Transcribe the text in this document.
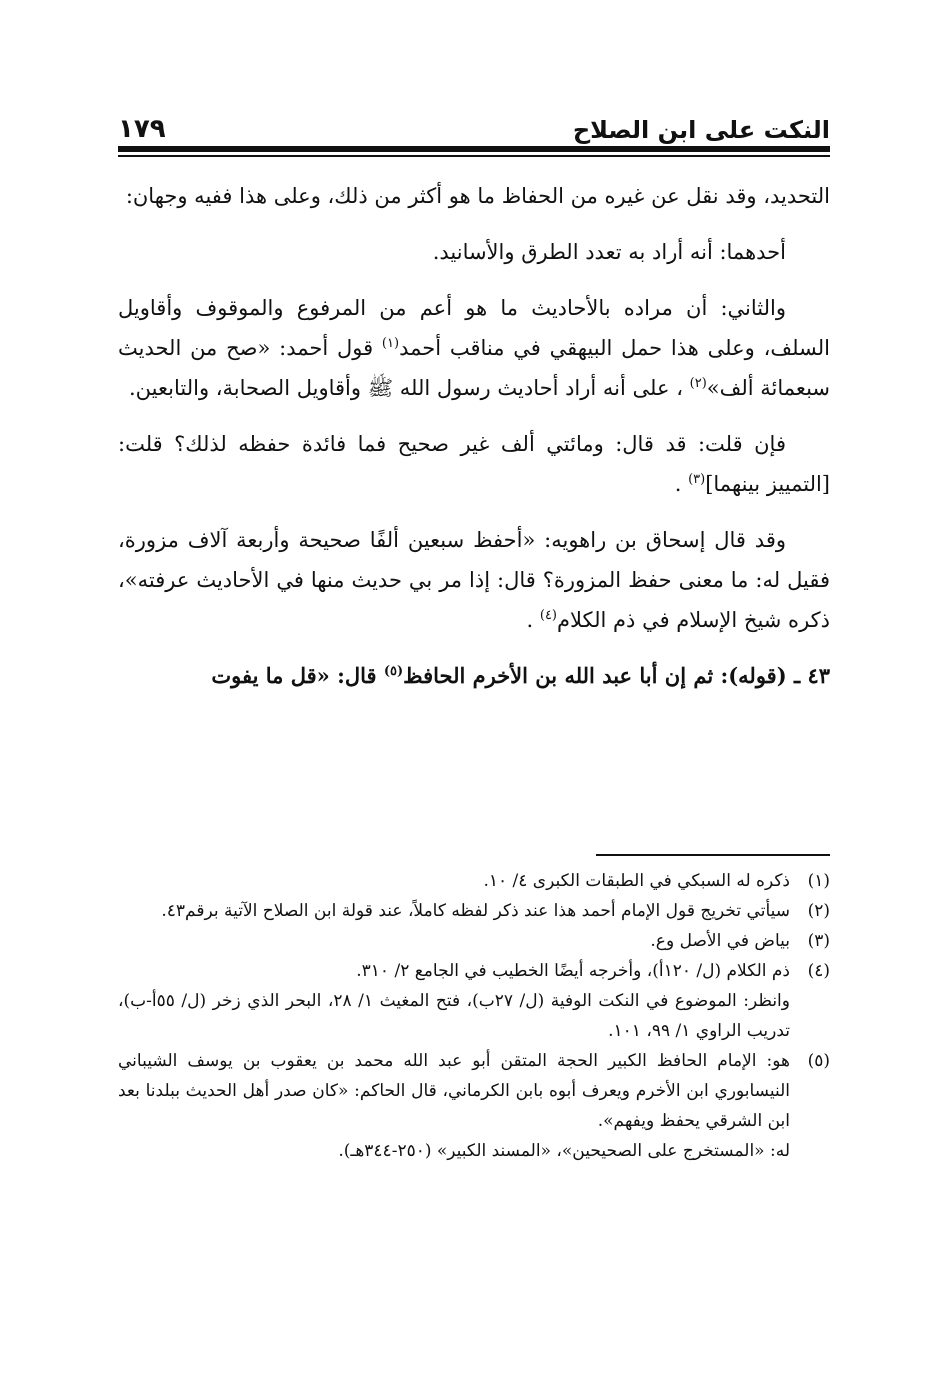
النكت على ابن الصلاح
١٧٩

التحديد، وقد نقل عن غيره من الحفاظ ما هو أكثر من ذلك، وعلى هذا ففيه وجهان:

أحدهما: أنه أراد به تعدد الطرق والأسانيد.

والثاني: أن مراده بالأحاديث ما هو أعم من المرفوع والموقوف وأقاويل السلف، وعلى هذا حمل البيهقي في مناقب أحمد$^{(١)}$ قول أحمد: «صح من الحديث سبعمائة ألف»$^{(٢)}$ ، على أنه أراد أحاديث رسول الله ﷺ وأقاويل الصحابة، والتابعين.

فإن قلت: قد قال: ومائتي ألف غير صحيح فما فائدة حفظه لذلك؟ قلت: [التمييز بينهما]$^{(٣)}$ .

وقد قال إسحاق بن راهويه: «أحفظ سبعين ألفًا صحيحة وأربعة آلاف مزورة، فقيل له: ما معنى حفظ المزورة؟ قال: إذا مر بي حديث منها في الأحاديث عرفته»، ذكره شيخ الإسلام في ذم الكلام$^{(٤)}$ .

٤٣ ـ (قوله): ثم إن أبا عبد الله بن الأخرم الحافظ$^{(٥)}$ قال: «قل ما يفوت

(١)
ذكره له السبكي في الطبقات الكبرى ٤/ ١٠.
(٢)
سيأتي تخريج قول الإمام أحمد هذا عند ذكر لفظه كاملاً، عند قولة ابن الصلاح الآتية برقم٤٣.
(٣)
بياض في الأصل وع.
(٤)
ذم الكلام (ل/ ١٢٠أ)، وأخرجه أيضًا الخطيب في الجامع ٢/ ٣١٠.
وانظر: الموضوع في النكت الوفية (ل/ ٢٧ب)، فتح المغيث ١/ ٢٨، البحر الذي زخر (ل/ ٥٥أ-ب)، تدريب الراوي ١/ ٩٩، ١٠١.
(٥)
هو: الإمام الحافظ الكبير الحجة المتقن أبو عبد الله محمد بن يعقوب بن يوسف الشيباني النيسابوري ابن الأخرم ويعرف أبوه بابن الكرماني، قال الحاكم: «كان صدر أهل الحديث ببلدنا بعد ابن الشرقي يحفظ ويفهم».
له: «المستخرج على الصحيحين»، «المسند الكبير» (٢٥٠-٣٤٤هـ).
